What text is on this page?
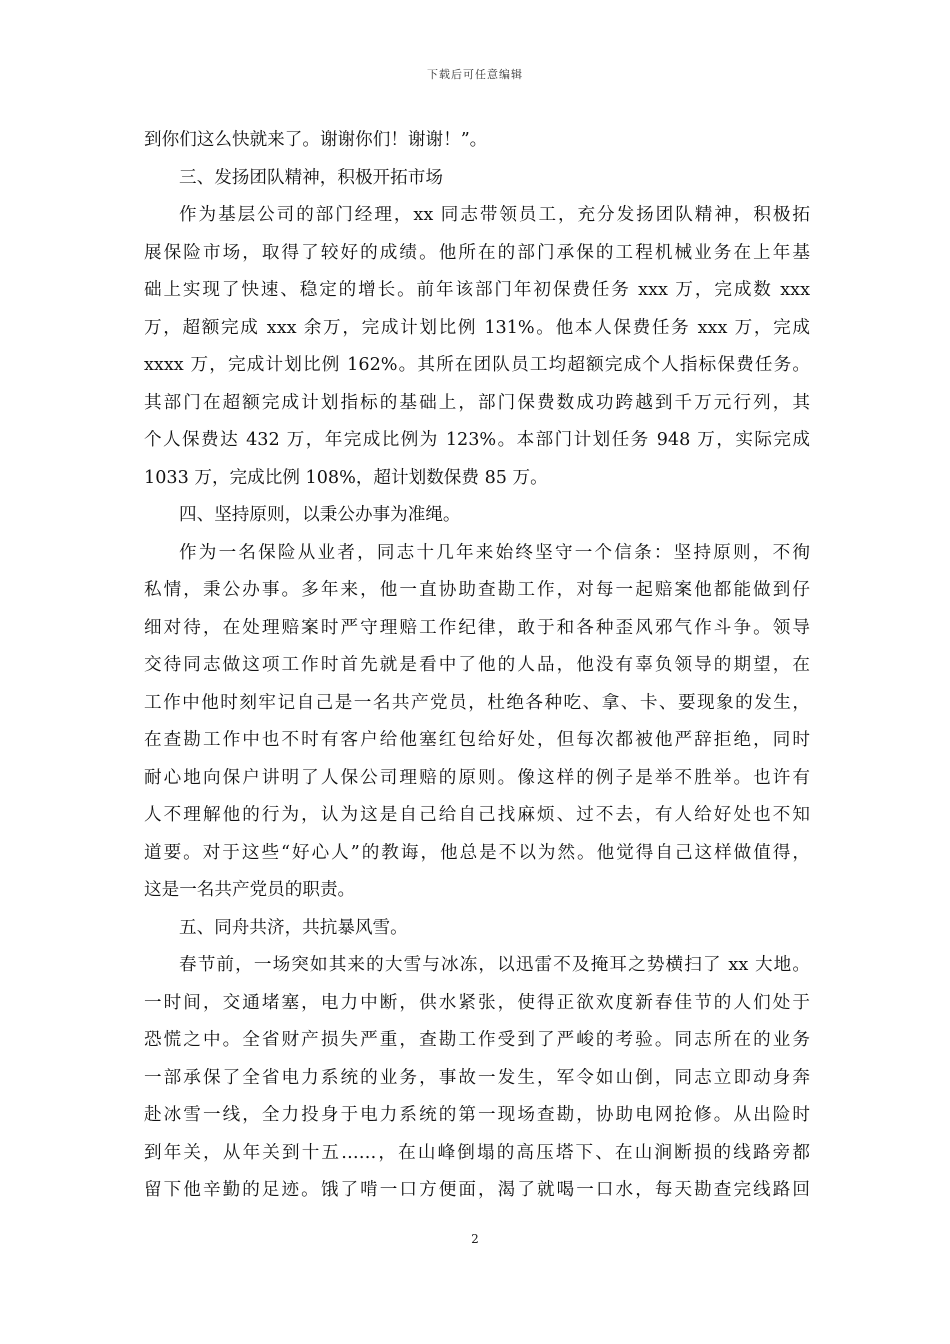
下载后可任意编辑
到你们这么快就来了。谢谢你们！谢谢！”。
三、发扬团队精神，积极开拓市场
作为基层公司的部门经理，xx 同志带领员工，充分发扬团队精神，积极拓
展保险市场，取得了较好的成绩。他所在的部门承保的工程机械业务在上年基
础上实现了快速、稳定的增长。前年该部门年初保费任务 xxx 万，完成数 xxx
万，超额完成 xxx 余万，完成计划比例 131%。他本人保费任务 xxx 万，完成
xxxx 万，完成计划比例 162%。其所在团队员工均超额完成个人指标保费任务。
其部门在超额完成计划指标的基础上，部门保费数成功跨越到千万元行列，其
个人保费达 432 万，年完成比例为 123%。本部门计划任务 948 万，实际完成
1033 万，完成比例 108%，超计划数保费 85 万。
四、坚持原则，以秉公办事为准绳。
作为一名保险从业者，同志十几年来始终坚守一个信条：坚持原则，不徇
私情，秉公办事。多年来，他一直协助查勘工作，对每一起赔案他都能做到仔
细对待，在处理赔案时严守理赔工作纪律，敢于和各种歪风邪气作斗争。领导
交待同志做这项工作时首先就是看中了他的人品，他没有辜负领导的期望，在
工作中他时刻牢记自己是一名共产党员，杜绝各种吃、拿、卡、要现象的发生，
在查勘工作中也不时有客户给他塞红包给好处，但每次都被他严辞拒绝，同时
耐心地向保户讲明了人保公司理赔的原则。像这样的例子是举不胜举。也许有
人不理解他的行为，认为这是自己给自己找麻烦、过不去，有人给好处也不知
道要。对于这些“好心人”的教诲，他总是不以为然。他觉得自己这样做值得，
这是一名共产党员的职责。
五、同舟共济，共抗暴风雪。
春节前，一场突如其来的大雪与冰冻，以迅雷不及掩耳之势横扫了 xx 大地。
一时间，交通堵塞，电力中断，供水紧张，使得正欲欢度新春佳节的人们处于
恐慌之中。全省财产损失严重，查勘工作受到了严峻的考验。同志所在的业务
一部承保了全省电力系统的业务，事故一发生，军令如山倒，同志立即动身奔
赴冰雪一线，全力投身于电力系统的第一现场查勘，协助电网抢修。从出险时
到年关，从年关到十五……，在山峰倒塌的高压塔下、在山涧断损的线路旁都
留下他辛勤的足迹。饿了啃一口方便面，渴了就喝一口水，每天勘查完线路回
2
